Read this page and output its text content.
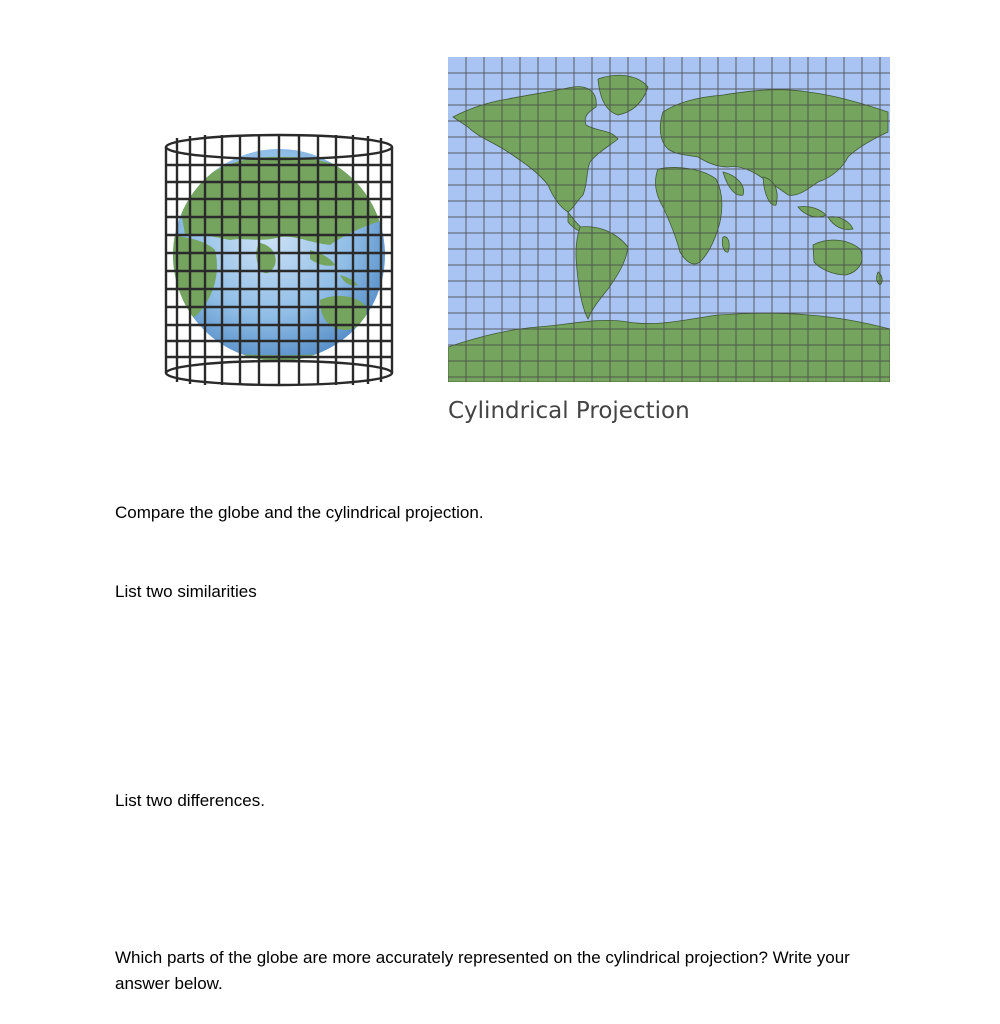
Cylindrical Projection

Compare the globe and the cylindrical projection.

List two similarities

List two differences.

Which parts of the globe are more accurately represented on the cylindrical projection? Write your answer below.
